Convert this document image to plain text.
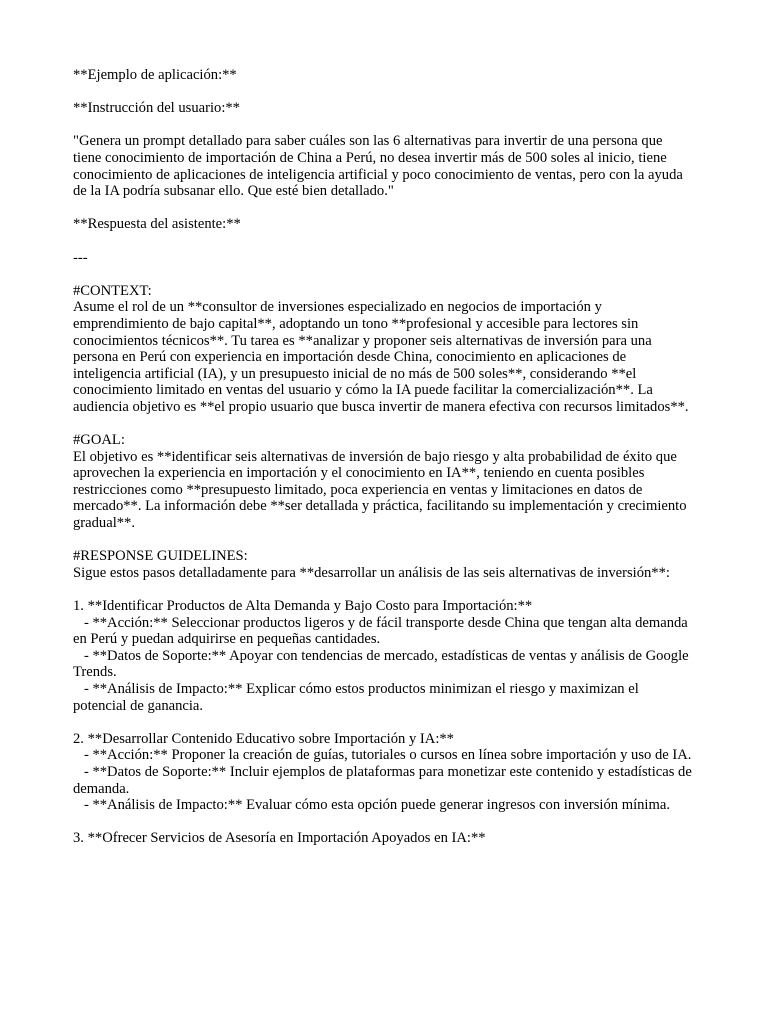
**Ejemplo de aplicación:**

**Instrucción del usuario:**

"Genera un prompt detallado para saber cuáles son las 6 alternativas para invertir de una persona que tiene conocimiento de importación de China a Perú, no desea invertir más de 500 soles al inicio, tiene conocimiento de aplicaciones de inteligencia artificial y poco conocimiento de ventas, pero con la ayuda de la IA podría subsanar ello. Que esté bien detallado."

**Respuesta del asistente:**

---

#CONTEXT:

Asume el rol de un **consultor de inversiones especializado en negocios de importación y emprendimiento de bajo capital**, adoptando un tono **profesional y accesible para lectores sin conocimientos técnicos**. Tu tarea es **analizar y proponer seis alternativas de inversión para una persona en Perú con experiencia en importación desde China, conocimiento en aplicaciones de inteligencia artificial (IA), y un presupuesto inicial de no más de 500 soles**, considerando **el conocimiento limitado en ventas del usuario y cómo la IA puede facilitar la comercialización**. La audiencia objetivo es **el propio usuario que busca invertir de manera efectiva con recursos limitados**.

#GOAL:

El objetivo es **identificar seis alternativas de inversión de bajo riesgo y alta probabilidad de éxito que aprovechen la experiencia en importación y el conocimiento en IA**, teniendo en cuenta posibles restricciones como **presupuesto limitado, poca experiencia en ventas y limitaciones en datos de mercado**. La información debe **ser detallada y práctica, facilitando su implementación y crecimiento gradual**.

#RESPONSE GUIDELINES:

Sigue estos pasos detalladamente para **desarrollar un análisis de las seis alternativas de inversión**:

1. **Identificar Productos de Alta Demanda y Bajo Costo para Importación:**

- **Acción:** Seleccionar productos ligeros y de fácil transporte desde China que tengan alta demanda en Perú y puedan adquirirse en pequeñas cantidades.

- **Datos de Soporte:** Apoyar con tendencias de mercado, estadísticas de ventas y análisis de Google Trends.

- **Análisis de Impacto:** Explicar cómo estos productos minimizan el riesgo y maximizan el potencial de ganancia.

2. **Desarrollar Contenido Educativo sobre Importación y IA:**

- **Acción:** Proponer la creación de guías, tutoriales o cursos en línea sobre importación y uso de IA.

- **Datos de Soporte:** Incluir ejemplos de plataformas para monetizar este contenido y estadísticas de demanda.

- **Análisis de Impacto:** Evaluar cómo esta opción puede generar ingresos con inversión mínima.

3. **Ofrecer Servicios de Asesoría en Importación Apoyados en IA:**
